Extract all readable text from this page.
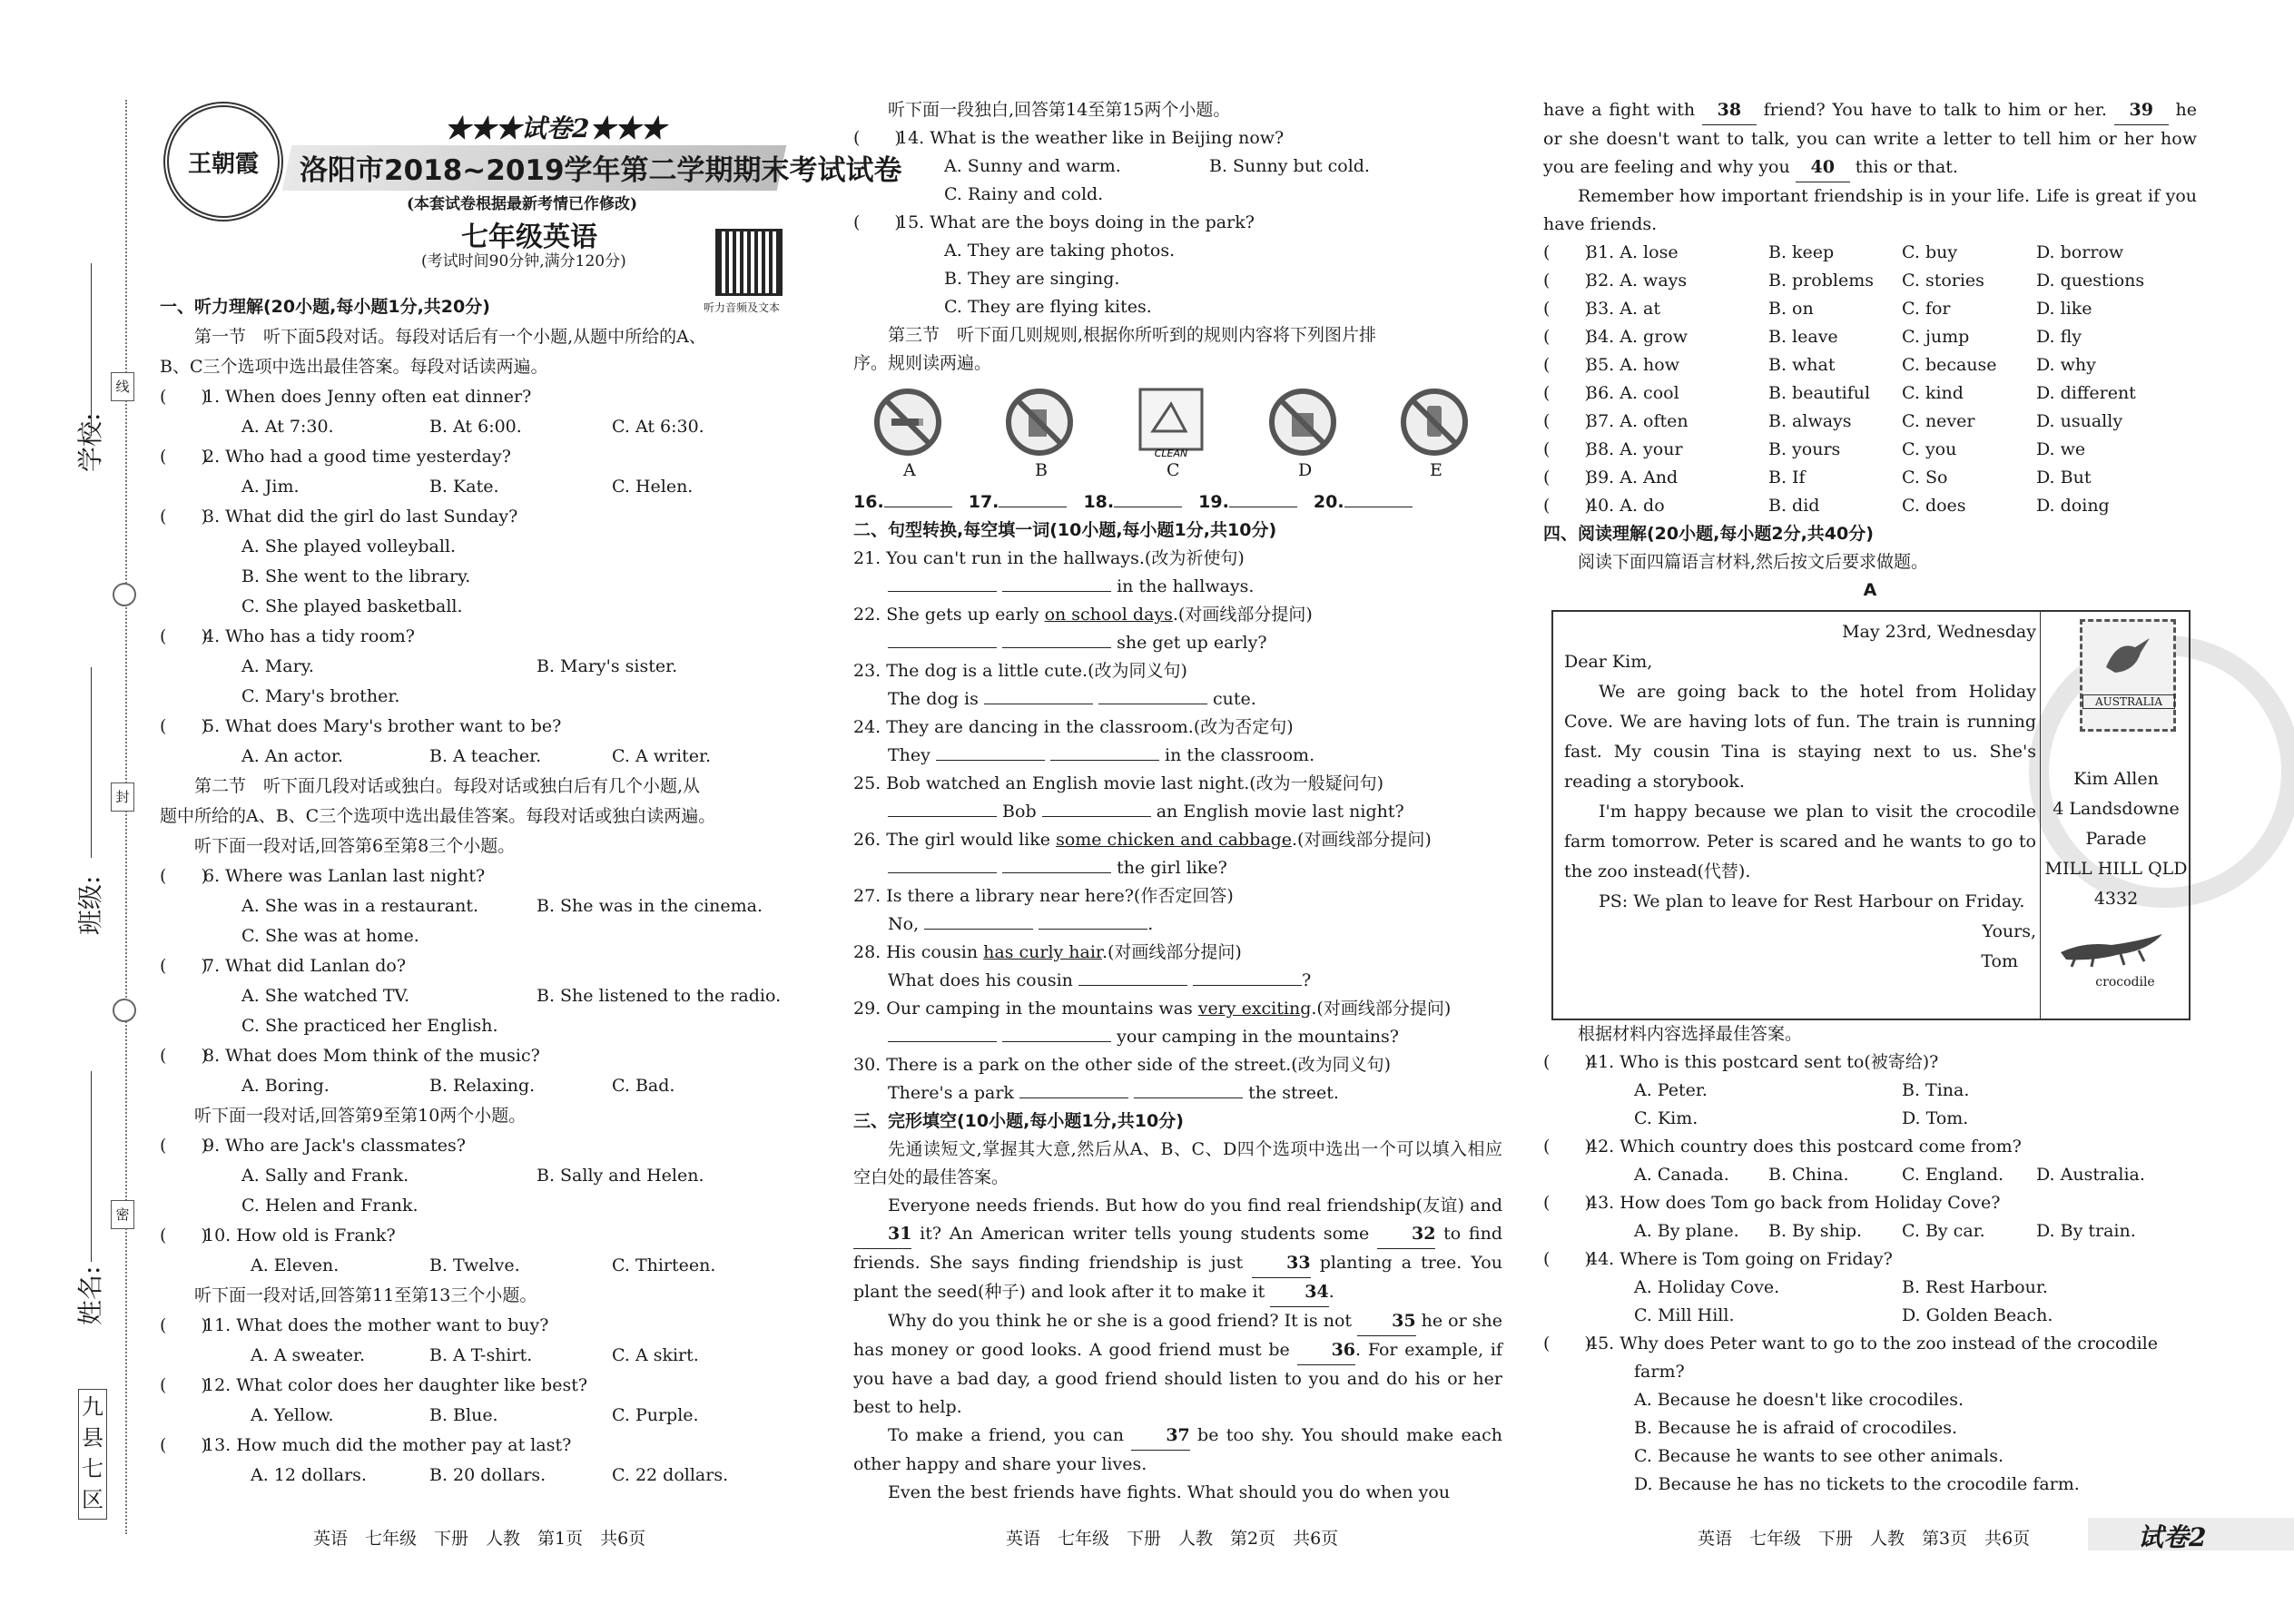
学校:
班级:
姓名:
线
封
密
九县七区
王朝霞
★★★试卷2★★★
洛阳市2018~2019学年第二学期期末考试试卷
(本套试卷根据最新考情已作修改)
七年级英语
(考试时间90分钟,满分120分)
听力音频及文本
一、听力理解(20小题,每小题1分,共20分)
第一节　听下面5段对话。每段对话后有一个小题,从题中所给的A、
B、C三个选项中选出最佳答案。每段对话读两遍。
(　　)
1. When does Jenny often eat dinner?
A. At 7:30.	B. At 6:00.	C. At 6:30.
(　　)
2. Who had a good time yesterday?
A. Jim.	B. Kate.	C. Helen.
(　　)
3. What did the girl do last Sunday?
A. She played volleyball.
B. She went to the library.
C. She played basketball.
(　　)
4. Who has a tidy room?
A. Mary.	B. Mary's sister.
C. Mary's brother.
(　　)
5. What does Mary's brother want to be?
A. An actor.	B. A teacher.	C. A writer.
第二节　听下面几段对话或独白。每段对话或独白后有几个小题,从
题中所给的A、B、C三个选项中选出最佳答案。每段对话或独白读两遍。
听下面一段对话,回答第6至第8三个小题。
(　　)
6. Where was Lanlan last night?
A. She was in a restaurant.	B. She was in the cinema.
C. She was at home.
(　　)
7. What did Lanlan do?
A. She watched TV.	B. She listened to the radio.
C. She practiced her English.
(　　)
8. What does Mom think of the music?
A. Boring.	B. Relaxing.	C. Bad.
听下面一段对话,回答第9至第10两个小题。
(　　)
9. Who are Jack's classmates?
A. Sally and Frank.	B. Sally and Helen.
C. Helen and Frank.
(　　)
10. How old is Frank?
A. Eleven.	B. Twelve.	C. Thirteen.
听下面一段对话,回答第11至第13三个小题。
(　　)
11. What does the mother want to buy?
A. A sweater.	B. A T-shirt.	C. A skirt.
(　　)
12. What color does her daughter like best?
A. Yellow.	B. Blue.	C. Purple.
(　　)
13. How much did the mother pay at last?
A. 12 dollars.	B. 20 dollars.	C. 22 dollars.
英语　七年级　下册　人教　第1页　共6页
听下面一段独白,回答第14至第15两个小题。
(　　)
14. What is the weather like in Beijing now?
A. Sunny and warm.	B. Sunny but cold.
C. Rainy and cold.
(　　)
15. What are the boys doing in the park?
A. They are taking photos.
B. They are singing.
C. They are flying kites.
第三节　听下面几则规则,根据你所听到的规则内容将下列图片排
序。规则读两遍。
CLEAN
A	B	C	D	E
16.	17.	18.	19.	20.
二、句型转换,每空填一词(10小题,每小题1分,共10分)
21. You can't run in the hallways.(改为祈使句)
in the hallways.
22. She gets up early on school days.(对画线部分提问)
she get up early?
23. The dog is a little cute.(改为同义句)
The dog is	cute.
24. They are dancing in the classroom.(改为否定句)
They	in the classroom.
25. Bob watched an English movie last night.(改为一般疑问句)
Bob	an English movie last night?
26. The girl would like some chicken and cabbage.(对画线部分提问)
the girl like?
27. Is there a library near here?(作否定回答)
No,	.
28. His cousin has curly hair.(对画线部分提问)
What does his cousin	?
29. Our camping in the mountains was very exciting.(对画线部分提问)
your camping in the mountains?
30. There is a park on the other side of the street.(改为同义句)
There's a park	the street.
三、完形填空(10小题,每小题1分,共10分)
先通读短文,掌握其大意,然后从A、B、C、D四个选项中选出一个可以填入相应空白处的最佳答案。
Everyone needs friends. But how do you find real friendship(友谊) and 31 it? An American writer tells young students some 32 to find friends. She says finding friendship is just 33 planting a tree. You plant the seed(种子) and look after it to make it 34.
Why do you think he or she is a good friend? It is not 35 he or she has money or good looks. A good friend must be 36. For example, if you have a bad day, a good friend should listen to you and do his or her best to help.
To make a friend, you can 37 be too shy. You should make each other happy and share your lives.
Even the best friends have fights. What should you do when you
英语　七年级　下册　人教　第2页　共6页
have a fight with 38 friend? You have to talk to him or her. 39 he or she doesn't want to talk, you can write a letter to tell him or her how you are feeling and why you 40 this or that.
Remember how important friendship is in your life. Life is great if you have friends.
(　　)
31. A. lose	B. keep	C. buy	D. borrow
(　　)
32. A. ways	B. problems C. stories	D. questions
(　　)
33. A. at	B. on	C. for	D. like
(　　)
34. A. grow	B. leave	C. jump	D. fly
(　　)
35. A. how	B. what	C. because D. why
(　　)
36. A. cool	B. beautiful C. kind	D. different
(　　)
37. A. often	B. always	C. never	D. usually
(　　)
38. A. your	B. yours	C. you	D. we
(　　)
39. A. And	B. If	C. So	D. But
(　　)
40. A. do	B. did	C. does	D. doing
四、阅读理解(20小题,每小题2分,共40分)
阅读下面四篇语言材料,然后按文后要求做题。
A
May 23rd, Wednesday
Dear Kim,
We are going back to the hotel from Holiday Cove. We are having lots of fun. The train is running fast. My cousin Tina is staying next to us. She's reading a storybook.
I'm happy because we plan to visit the crocodile farm tomorrow. Peter is scared and he wants to go to the zoo instead(代替).
PS: We plan to leave for Rest Harbour on Friday.
Yours,
Tom
AUSTRALIA
Kim Allen
4 Landsdowne
Parade
MILL HILL QLD
4332
crocodile
根据材料内容选择最佳答案。
(　　)
41. Who is this postcard sent to(被寄给)?
A. Peter.	B. Tina.
C. Kim.	D. Tom.
(　　)
42. Which country does this postcard come from?
A. Canada. B. China.	C. England. D. Australia.
(　　)
43. How does Tom go back from Holiday Cove?
A. By plane. B. By ship. C. By car.	D. By train.
(　　)
44. Where is Tom going on Friday?
A. Holiday Cove.	B. Rest Harbour.
C. Mill Hill.	D. Golden Beach.
(　　)
45. Why does Peter want to go to the zoo instead of the crocodile
farm?
A. Because he doesn't like crocodiles.
B. Because he is afraid of crocodiles.
C. Because he wants to see other animals.
D. Because he has no tickets to the crocodile farm.
英语　七年级　下册　人教　第3页　共6页	试卷2
